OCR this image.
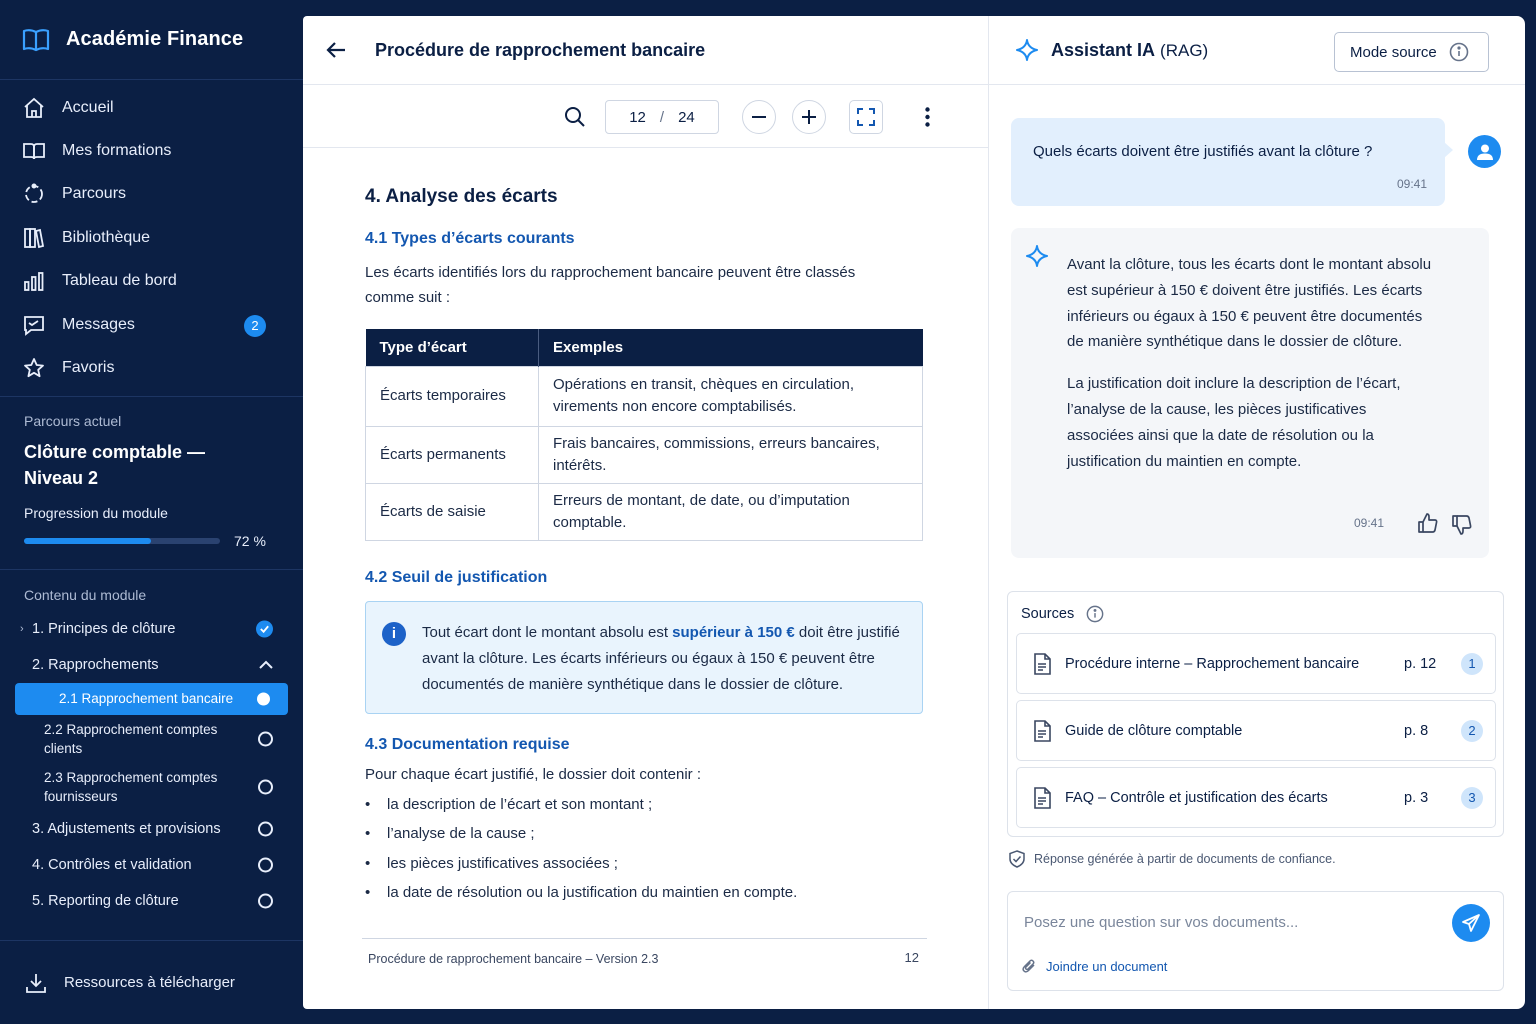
Académie Finance
Accueil
Mes formations
Parcours
Bibliothèque
Tableau de bord
Messages	2
Favoris
Parcours actuel
Clôture comptable —
Niveau 2
Progression du module
72 %
Contenu du module
› 1. Principes de clôture
2. Rapprochements
2.1 Rapprochement bancaire
2.2 Rapprochement comptes clients
2.3 Rapprochement comptes fournisseurs
3. Adjustements et provisions
4. Contrôles et validation
5. Reporting de clôture
Ressources à télécharger
Procédure de rapprochement bancaire
12 / 24
4. Analyse des écarts
4.1 Types d’écarts courants
Les écarts identifiés lors du rapprochement bancaire peuvent être classés
comme suit :
Type d’écart	Exemples
Écarts temporaires	Opérations en transit, chèques en circulation, virements non encore comptabilisés.
Écarts permanents	Frais bancaires, commissions, erreurs bancaires, intérêts.
Écarts de saisie	Erreurs de montant, de date, ou d’imputation comptable.
4.2 Seuil de justification
i	Tout écart dont le montant absolu est supérieur à 150 € doit être justifié avant la clôture. Les écarts inférieurs ou égaux à 150 € peuvent être documentés de manière synthétique dans le dossier de clôture.
4.3 Documentation requise
Pour chaque écart justifié, le dossier doit contenir :
• la description de l’écart et son montant ;
• l’analyse de la cause ;
• les pièces justificatives associées ;
• la date de résolution ou la justification du maintien en compte.
Procédure de rapprochement bancaire – Version 2.3	12
Assistant IA (RAG)	Mode source
Quels écarts doivent être justifiés avant la clôture ?
09:41
Avant la clôture, tous les écarts dont le montant absolu est supérieur à 150 € doivent être justifiés. Les écarts inférieurs ou égaux à 150 € peuvent être documentés de manière synthétique dans le dossier de clôture.
La justification doit inclure la description de l’écart, l’analyse de la cause, les pièces justificatives associées ainsi que la date de résolution ou la justification du maintien en compte.
09:41
Sources
Procédure interne – Rapprochement bancaire	p. 12	1
Guide de clôture comptable	p. 8	2
FAQ – Contrôle et justification des écarts	p. 3	3
Réponse générée à partir de documents de confiance.
Posez une question sur vos documents...
Joindre un document
